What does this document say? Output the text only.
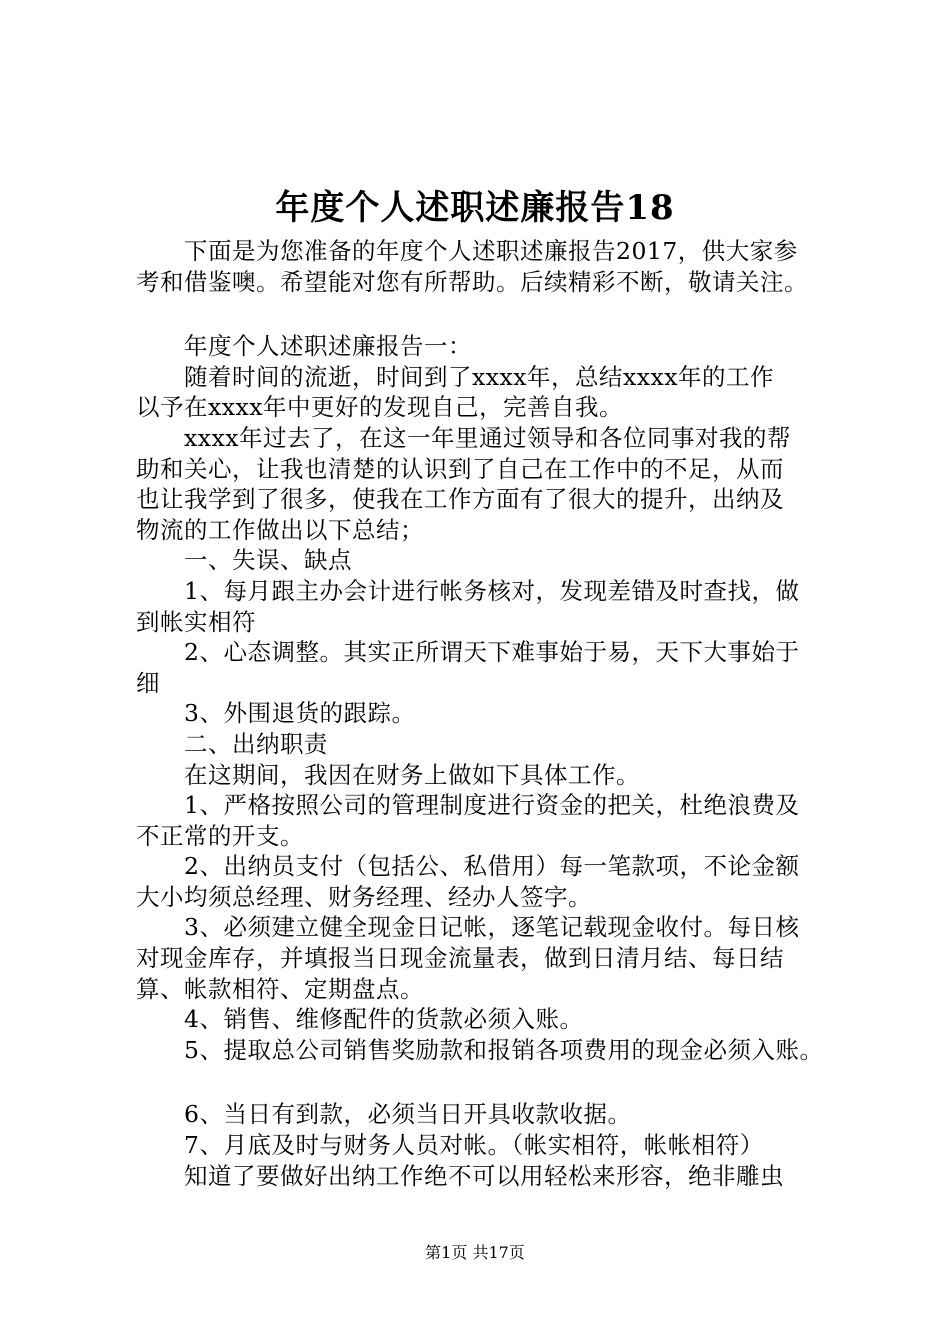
年度个人述职述廉报告18
下面是为您准备的年度个人述职述廉报告2017，供大家参
考和借鉴噢。希望能对您有所帮助。后续精彩不断，敬请关注。
年度个人述职述廉报告一：
随着时间的流逝，时间到了xxxx年，总结xxxx年的工作
以予在xxxx年中更好的发现自己，完善自我。
xxxx年过去了，在这一年里通过领导和各位同事对我的帮
助和关心，让我也清楚的认识到了自己在工作中的不足，从而
也让我学到了很多，使我在工作方面有了很大的提升，出纳及
物流的工作做出以下总结；
一、失误、缺点
1、每月跟主办会计进行帐务核对，发现差错及时查找，做
到帐实相符
2、心态调整。其实正所谓天下难事始于易，天下大事始于
细
3、外围退货的跟踪。
二、出纳职责
在这期间，我因在财务上做如下具体工作。
1、严格按照公司的管理制度进行资金的把关，杜绝浪费及
不正常的开支。
2、出纳员支付（包括公、私借用）每一笔款项，不论金额
大小均须总经理、财务经理、经办人签字。
3、必须建立健全现金日记帐，逐笔记载现金收付。每日核
对现金库存，并填报当日现金流量表，做到日清月结、每日结
算、帐款相符、定期盘点。
4、销售、维修配件的货款必须入账。
5、提取总公司销售奖励款和报销各项费用的现金必须入账。
6、当日有到款，必须当日开具收款收据。
7、月底及时与财务人员对帐。（帐实相符，帐帐相符）
知道了要做好出纳工作绝不可以用轻松来形容，绝非雕虫
第1页 共17页
